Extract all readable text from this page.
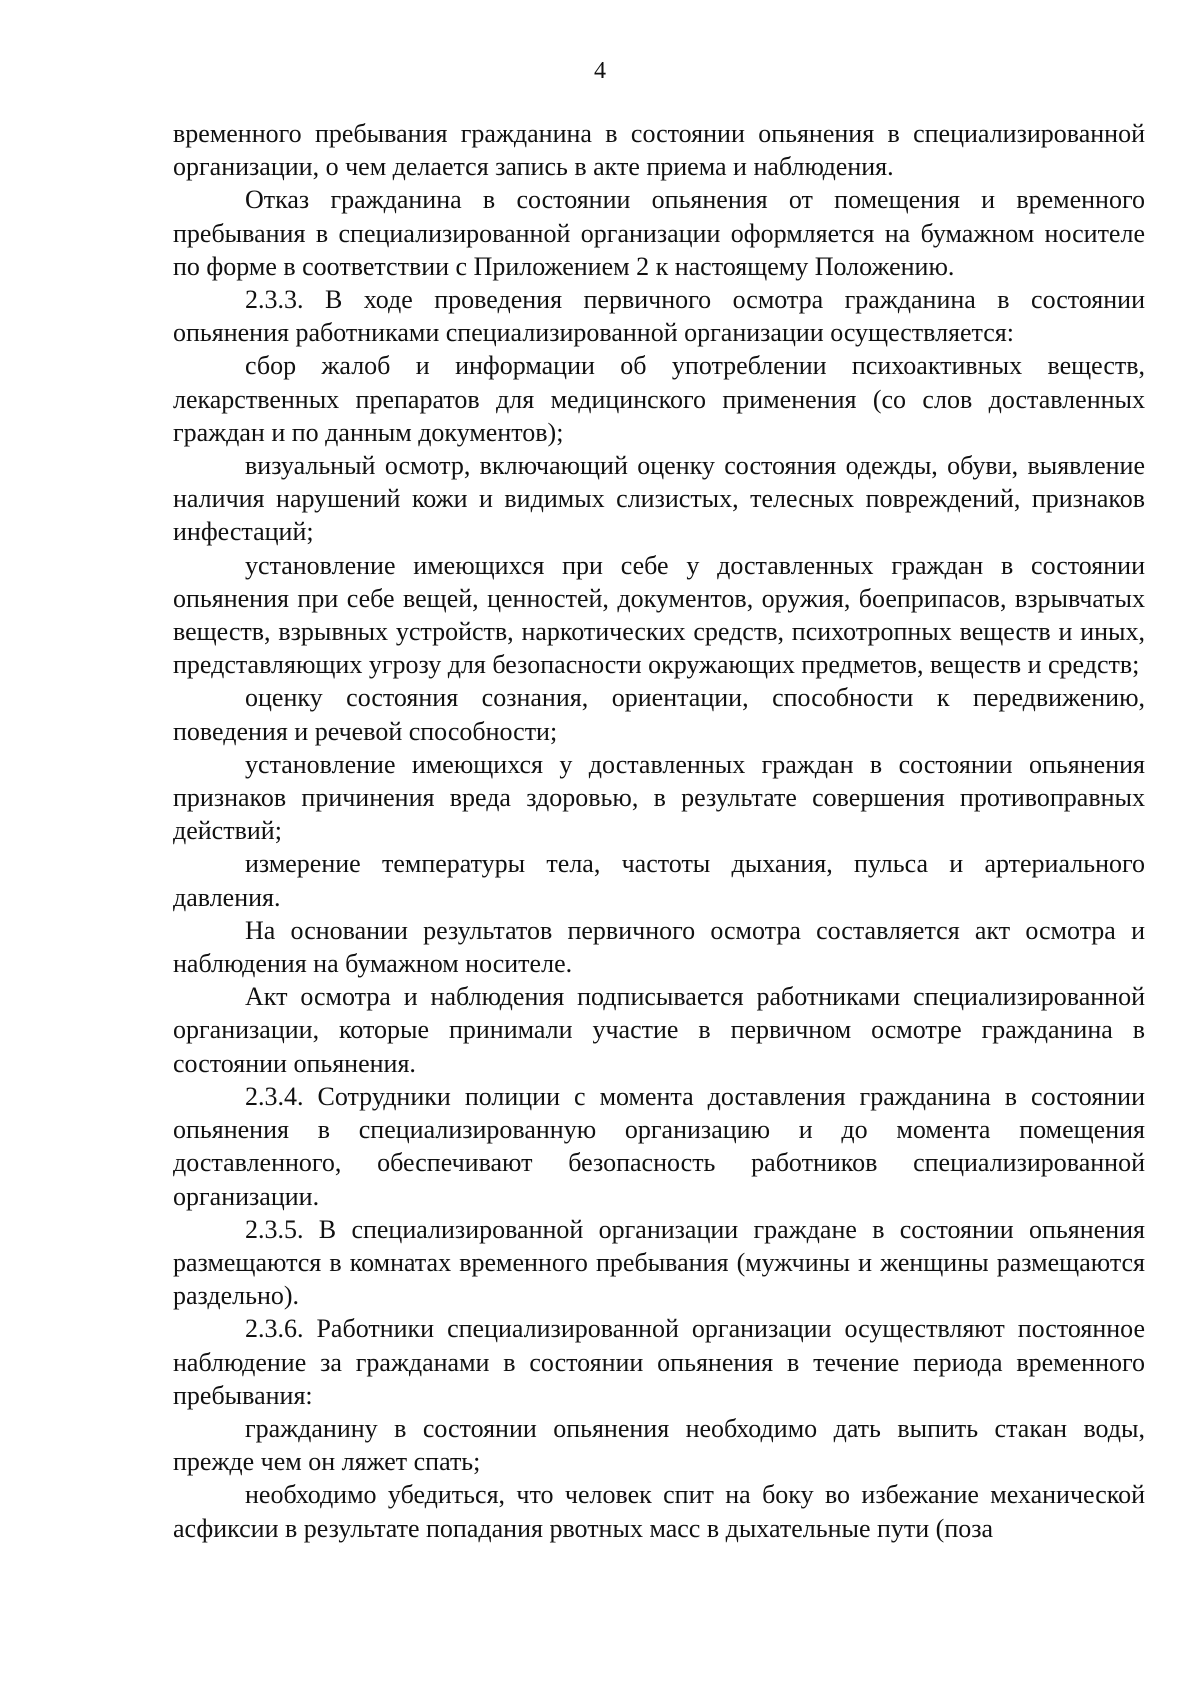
4

временного пребывания гражданина в состоянии опьянения в специализированной организации, о чем делается запись в акте приема и наблюдения.

Отказ гражданина в состоянии опьянения от помещения и временного пребывания в специализированной организации оформляется на бумажном носителе по форме в соответствии с Приложением 2 к настоящему Положению.

2.3.3. В ходе проведения первичного осмотра гражданина в состоянии опьянения работниками специализированной организации осуществляется:

сбор жалоб и информации об употреблении психоактивных веществ, лекарственных препаратов для медицинского применения (со слов доставленных граждан и по данным документов);

визуальный осмотр, включающий оценку состояния одежды, обуви, выявление наличия нарушений кожи и видимых слизистых, телесных повреждений, признаков инфестаций;

установление имеющихся при себе у доставленных граждан в состоянии опьянения при себе вещей, ценностей, документов, оружия, боеприпасов, взрывчатых веществ, взрывных устройств, наркотических средств, психотропных веществ и иных, представляющих угрозу для безопасности окружающих предметов, веществ и средств;

оценку состояния сознания, ориентации, способности к передвижению, поведения и речевой способности;

установление имеющихся у доставленных граждан в состоянии опьянения признаков причинения вреда здоровью, в результате совершения противоправных действий;

измерение температуры тела, частоты дыхания, пульса и артериального давления.

На основании результатов первичного осмотра составляется акт осмотра и наблюдения на бумажном носителе.

Акт осмотра и наблюдения подписывается работниками специализированной организации, которые принимали участие в первичном осмотре гражданина в состоянии опьянения.

2.3.4. Сотрудники полиции с момента доставления гражданина в состоянии опьянения в специализированную организацию и до момента помещения доставленного, обеспечивают безопасность работников специализированной организации.

2.3.5. В специализированной организации граждане в состоянии опьянения размещаются в комнатах временного пребывания (мужчины и женщины размещаются раздельно).

2.3.6. Работники специализированной организации осуществляют постоянное наблюдение за гражданами в состоянии опьянения в течение периода временного пребывания:

гражданину в состоянии опьянения необходимо дать выпить стакан воды, прежде чем он ляжет спать;

необходимо убедиться, что человек спит на боку во избежание механической асфиксии в результате попадания рвотных масс в дыхательные пути (поза
